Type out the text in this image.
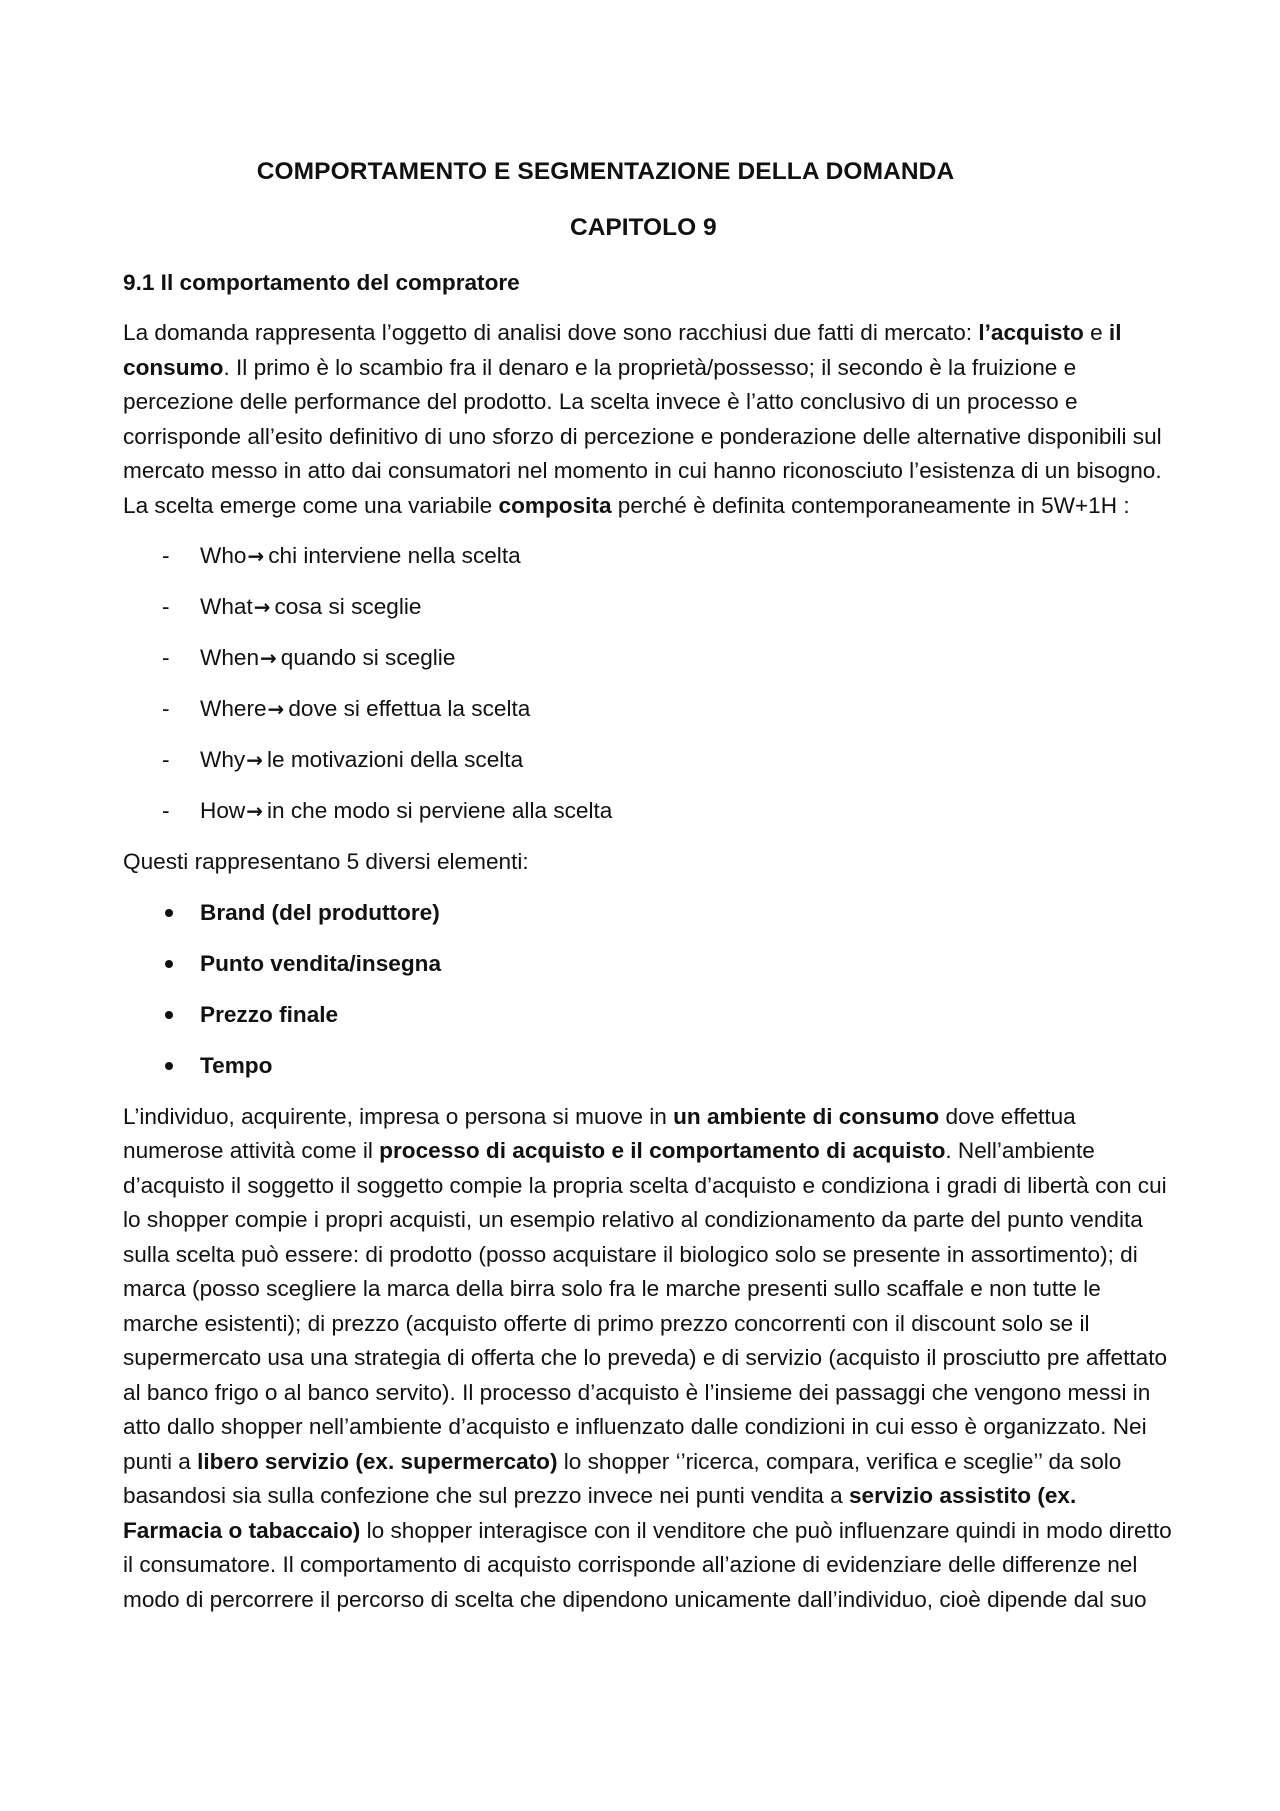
COMPORTAMENTO E SEGMENTAZIONE DELLA DOMANDA
CAPITOLO 9
9.1 Il comportamento del compratore

La domanda rappresenta l’oggetto di analisi dove sono racchiusi due fatti di mercato: l’acquisto e il consumo. Il primo è lo scambio fra il denaro e la proprietà/possesso; il secondo è la fruizione e percezione delle performance del prodotto. La scelta invece è l’atto conclusivo di un processo e corrisponde all’esito definitivo di uno sforzo di percezione e ponderazione delle alternative disponibili sul mercato messo in atto dai consumatori nel momento in cui hanno riconosciuto l’esistenza di un bisogno. La scelta emerge come una variabile composita perché è definita contemporaneamente in 5W+1H :

- Who→ chi interviene nella scelta
- What→ cosa si sceglie
- When→ quando si sceglie
- Where→ dove si effettua la scelta
- Why→ le motivazioni della scelta
- How→ in che modo si perviene alla scelta

Questi rappresentano 5 diversi elementi:

Brand (del produttore)
Punto vendita/insegna
Prezzo finale
Tempo

L’individuo, acquirente, impresa o persona si muove in un ambiente di consumo dove effettua numerose attività come il processo di acquisto e il comportamento di acquisto. Nell’ambiente d’acquisto il soggetto il soggetto compie la propria scelta d’acquisto e condiziona i gradi di libertà con cui lo shopper compie i propri acquisti, un esempio relativo al condizionamento da parte del punto vendita sulla scelta può essere: di prodotto (posso acquistare il biologico solo se presente in assortimento); di marca (posso scegliere la marca della birra solo fra le marche presenti sullo scaffale e non tutte le marche esistenti); di prezzo (acquisto offerte di primo prezzo concorrenti con il discount solo se il supermercato usa una strategia di offerta che lo preveda) e di servizio (acquisto il prosciutto pre affettato al banco frigo o al banco servito). Il processo d’acquisto è l’insieme dei passaggi che vengono messi in atto dallo shopper nell’ambiente d’acquisto e influenzato dalle condizioni in cui esso è organizzato. Nei punti a libero servizio (ex. supermercato) lo shopper ‘’ricerca, compara, verifica e sceglie’’ da solo basandosi sia sulla confezione che sul prezzo invece nei punti vendita a servizio assistito (ex. Farmacia o tabaccaio) lo shopper interagisce con il venditore che può influenzare quindi in modo diretto il consumatore. Il comportamento di acquisto corrisponde all’azione di evidenziare delle differenze nel modo di percorrere il percorso di scelta che dipendono unicamente dall’individuo, cioè dipende dal suo
